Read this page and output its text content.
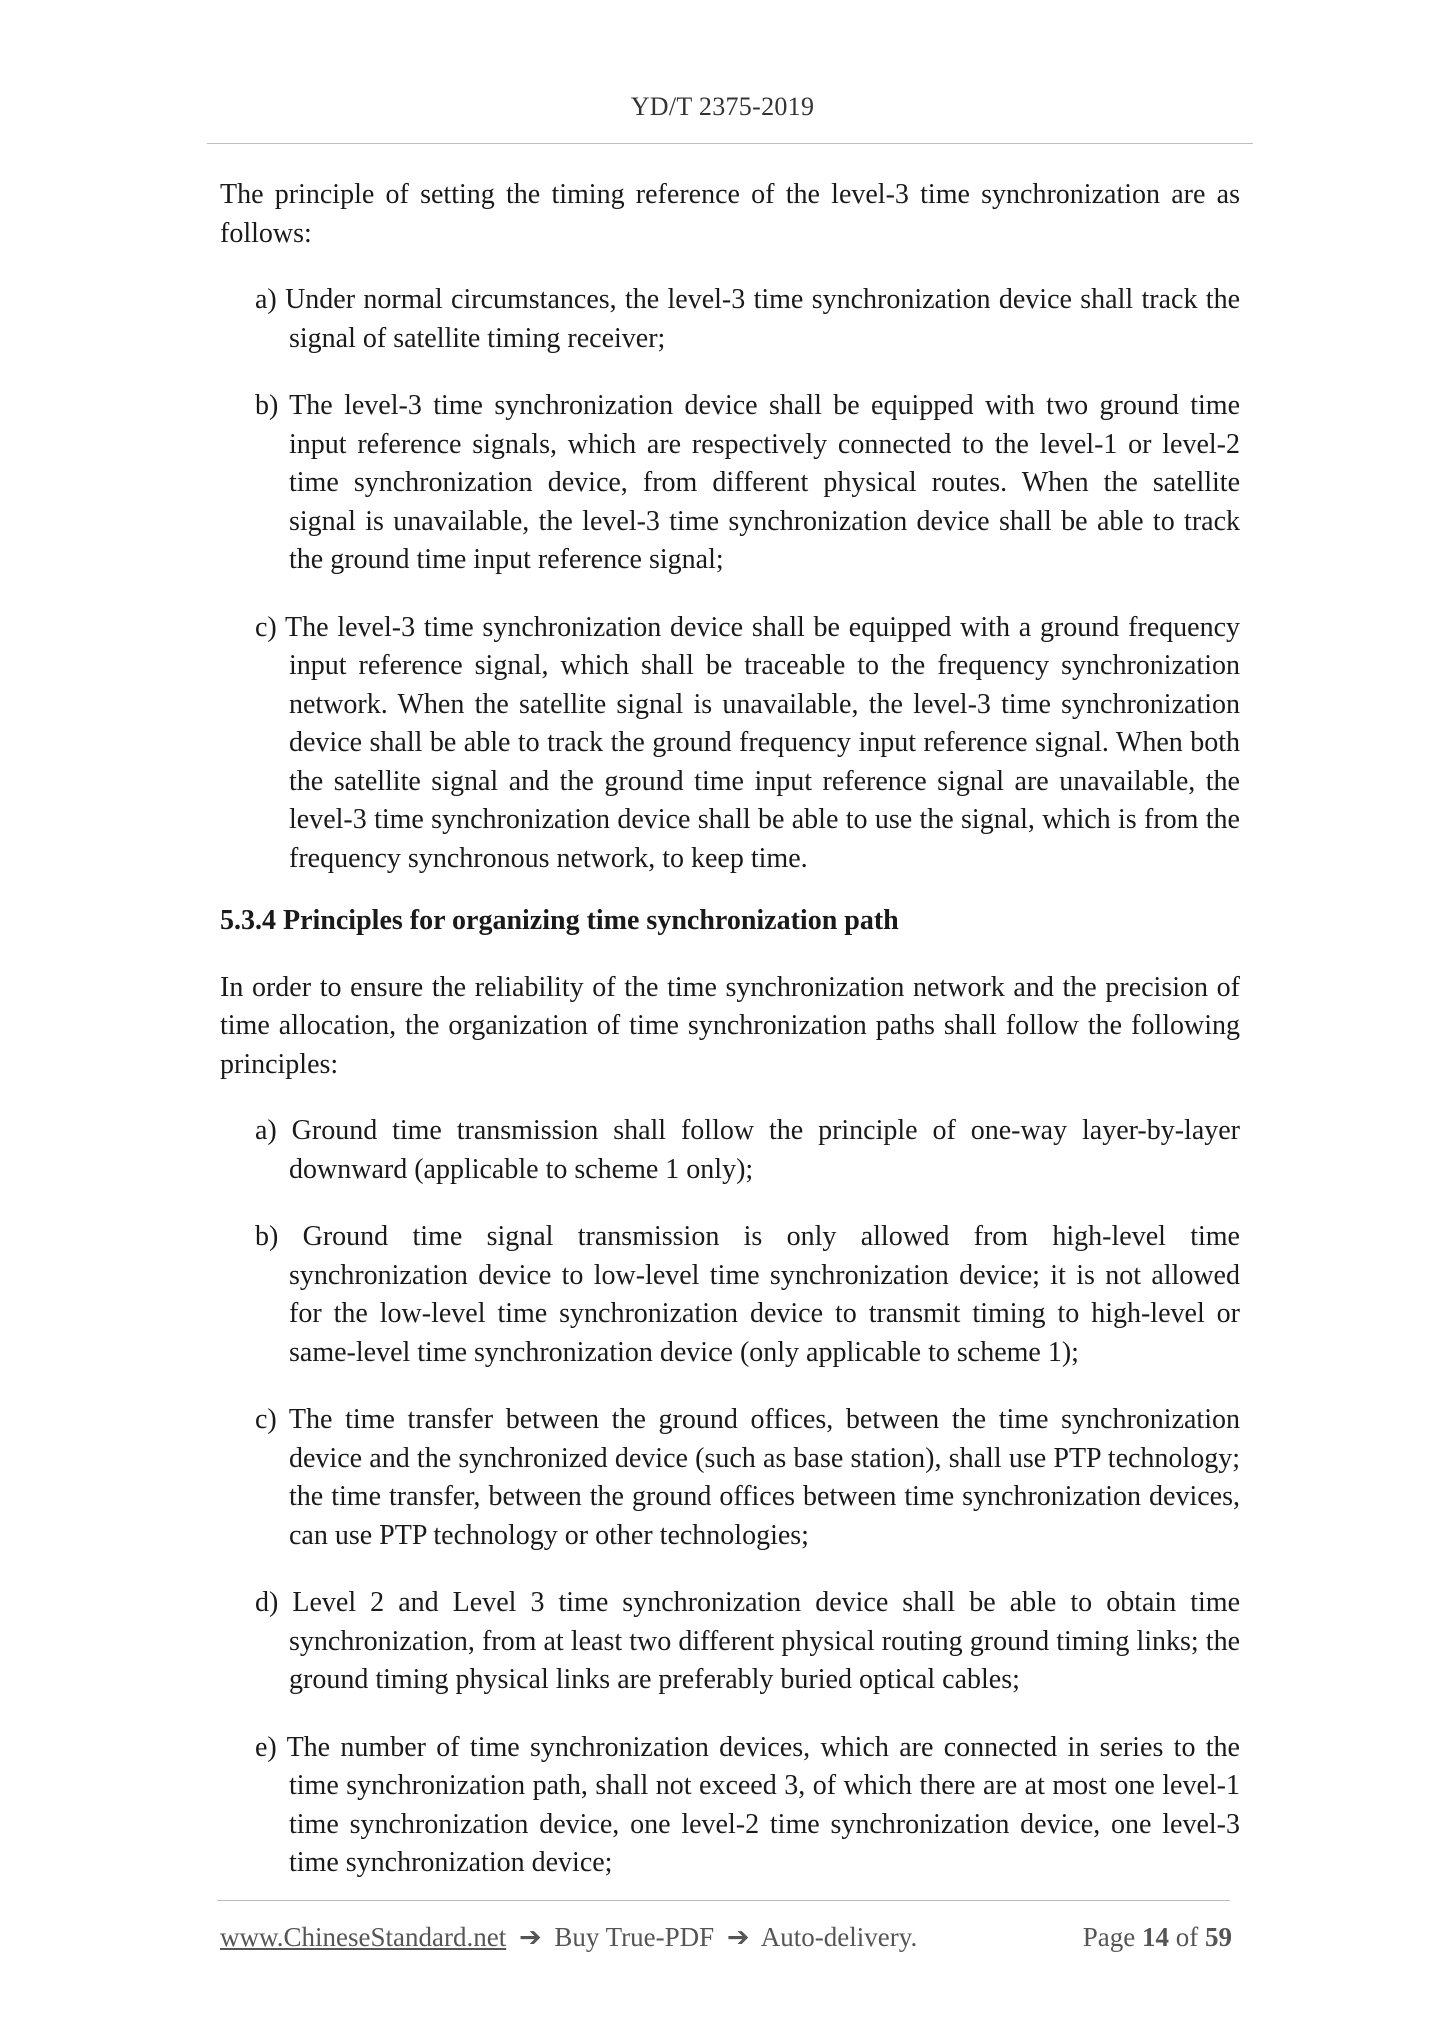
YD/T 2375-2019

The principle of setting the timing reference of the level-3 time synchronization are as follows:

a) Under normal circumstances, the level-3 time synchronization device shall track the signal of satellite timing receiver;

b) The level-3 time synchronization device shall be equipped with two ground time input reference signals, which are respectively connected to the level-1 or level-2 time synchronization device, from different physical routes. When the satellite signal is unavailable, the level-3 time synchronization device shall be able to track the ground time input reference signal;

c) The level-3 time synchronization device shall be equipped with a ground frequency input reference signal, which shall be traceable to the frequency synchronization network. When the satellite signal is unavailable, the level-3 time synchronization device shall be able to track the ground frequency input reference signal. When both the satellite signal and the ground time input reference signal are unavailable, the level-3 time synchronization device shall be able to use the signal, which is from the frequency synchronous network, to keep time.

5.3.4 Principles for organizing time synchronization path

In order to ensure the reliability of the time synchronization network and the precision of time allocation, the organization of time synchronization paths shall follow the following principles:

a) Ground time transmission shall follow the principle of one-way layer-by-layer downward (applicable to scheme 1 only);

b) Ground time signal transmission is only allowed from high-level time synchronization device to low-level time synchronization device; it is not allowed for the low-level time synchronization device to transmit timing to high-level or same-level time synchronization device (only applicable to scheme 1);

c) The time transfer between the ground offices, between the time synchronization device and the synchronized device (such as base station), shall use PTP technology; the time transfer, between the ground offices between time synchronization devices, can use PTP technology or other technologies;

d) Level 2 and Level 3 time synchronization device shall be able to obtain time synchronization, from at least two different physical routing ground timing links; the ground timing physical links are preferably buried optical cables;

e) The number of time synchronization devices, which are connected in series to the time synchronization path, shall not exceed 3, of which there are at most one level-1 time synchronization device, one level-2 time synchronization device, one level-3 time synchronization device;

www.ChineseStandard.net ➔ Buy True-PDF ➔ Auto-delivery.	Page 14 of 59
